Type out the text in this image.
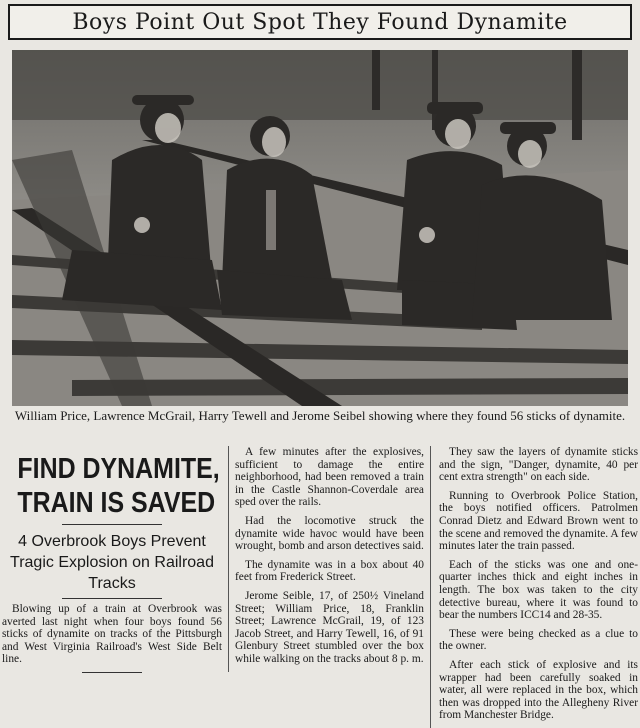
Boys Point Out Spot They Found Dynamite
William Price, Lawrence McGrail, Harry Tewell and Jerome Seibel showing where they found 56 sticks of dynamite.
FIND DYNAMITE,
TRAIN IS SAVED
4 Overbrook Boys Prevent Tragic Explosion on Railroad Tracks

Blowing up of a train at Overbrook was averted last night when four boys found 56 sticks of dynamite on tracks of the Pittsburgh and West Virginia Railroad's West Side Belt line.

A few minutes after the explosives, sufficient to damage the entire neighborhood, had been removed a train in the Castle Shannon-Coverdale area sped over the rails.

Had the locomotive struck the dynamite wide havoc would have been wrought, bomb and arson detectives said.

The dynamite was in a box about 40 feet from Frederick Street.

Jerome Seible, 17, of 250½ Vineland Street; William Price, 18, Franklin Street; Lawrence McGrail, 19, of 123 Jacob Street, and Harry Tewell, 16, of 91 Glenbury Street stumbled over the box while walking on the tracks about 8 p. m.

They saw the layers of dynamite sticks and the sign, "Danger, dynamite, 40 per cent extra strength" on each side.

Running to Overbrook Police Station, the boys notified officers. Patrolmen Conrad Dietz and Edward Brown went to the scene and removed the dynamite. A few minutes later the train passed.

Each of the sticks was one and one-quarter inches thick and eight inches in length. The box was taken to the city detective bureau, where it was found to bear the numbers ICC14 and 28-35.

These were being checked as a clue to the owner.

After each stick of explosive and its wrapper had been carefully soaked in water, all were replaced in the box, which then was dropped into the Allegheny River from Manchester Bridge.
